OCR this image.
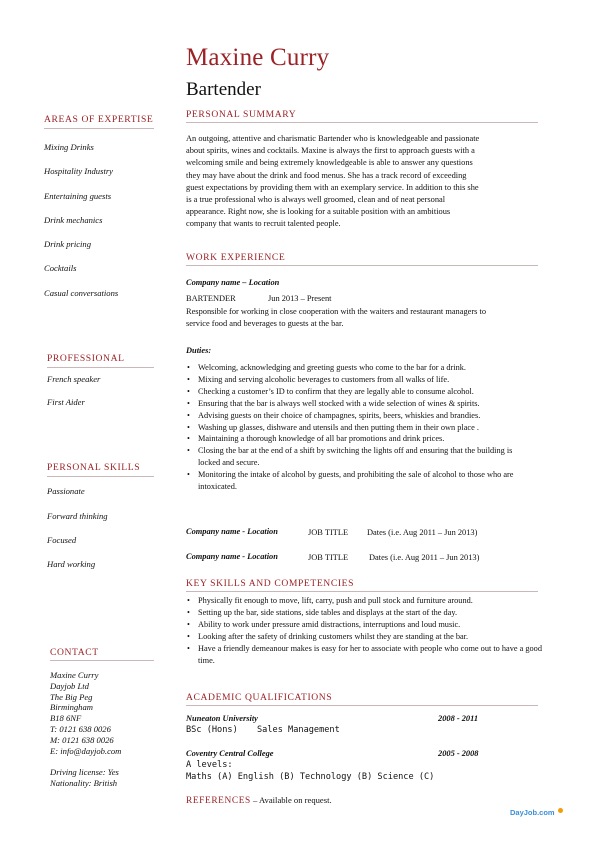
Maxine Curry
Bartender
AREAS OF EXPERTISE
Mixing Drinks
Hospitality Industry
Entertaining guests
Drink mechanics
Drink pricing
Cocktails
Casual conversations
PROFESSIONAL
French speaker
First Aider
PERSONAL SKILLS
Passionate
Forward thinking
Focused
Hard working
CONTACT
Maxine Curry
Dayjob Ltd
The Big Peg
Birmingham
B18 6NF
T: 0121 638 0026
M: 0121 638 0026
E: info@dayjob.com
Driving license: Yes
Nationality: British
PERSONAL SUMMARY
An outgoing, attentive and charismatic Bartender who is knowledgeable and passionate
about spirits, wines and cocktails. Maxine is always the first to approach guests with a
welcoming smile and being extremely knowledgeable is able to answer any questions
they may have about the drink and food menus. She has a track record of exceeding
guest expectations by providing them with an exemplary service. In addition to this she
is a true professional who is always well groomed, clean and of neat personal
appearance. Right now, she is looking for a suitable position with an ambitious
company that wants to recruit talented people.
WORK EXPERIENCE
Company name – Location
BARTENDER	Jun 2013 – Present
Responsible for working in close cooperation with the waiters and restaurant managers to
service food and beverages to guests at the bar.
Duties:
• Welcoming, acknowledging and greeting guests who come to the bar for a drink.
• Mixing and serving alcoholic beverages to customers from all walks of life.
• Checking a customer’s ID to confirm that they are legally able to consume alcohol.
• Ensuring that the bar is always well stocked with a wide selection of wines & spirits.
• Advising guests on their choice of champagnes, spirits, beers, whiskies and brandies.
• Washing up glasses, dishware and utensils and then putting them in their own place .
• Maintaining a thorough knowledge of all bar promotions and drink prices.
• Closing the bar at the end of a shift by switching the lights off and ensuring that the building is locked and secure.
• Monitoring the intake of alcohol by guests, and prohibiting the sale of alcohol to those who are intoxicated.
Company name - Location	JOB TITLE Dates (i.e. Aug 2011 – Jun 2013)
Company name - Location	JOB TITLE Dates (i.e. Aug 2011 – Jun 2013)
KEY SKILLS AND COMPETENCIES
• Physically fit enough to move, lift, carry, push and pull stock and furniture around.
• Setting up the bar, side stations, side tables and displays at the start of the day.
• Ability to work under pressure amid distractions, interruptions and loud music.
• Looking after the safety of drinking customers whilst they are standing at the bar.
• Have a friendly demeanour makes is easy for her to associate with people who come out to have a good time.
ACADEMIC QUALIFICATIONS
Nuneaton University	2008 - 2011
BSc (Hons) Sales Management
Coventry Central College	2005 - 2008
A levels:
Maths (A) English (B) Technology (B) Science (C)
REFERENCES – Available on request.
DayJob.com
